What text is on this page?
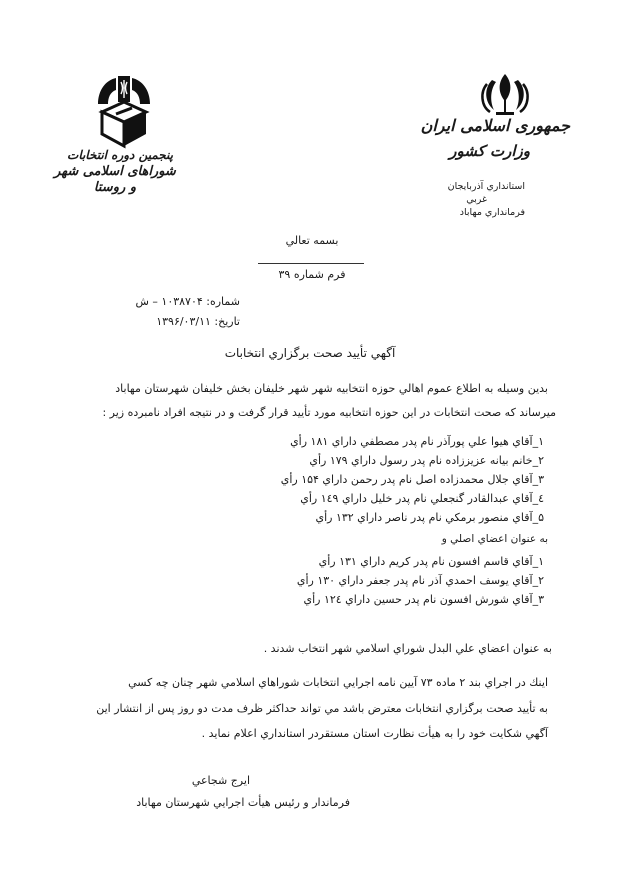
جمهوری اسلامی ایران
وزارت کشور
پنجمین دوره انتخابات
شوراهای اسلامی شهر و روستا	استانداري آذربايجان
غربي
فرمانداري مهاباد
بسمه تعالي
فرم شماره ۳۹
شماره: ۱۰۳۸۷۰۴ – ش
تاریخ: ۱۳۹۶/۰۳/۱۱
آگهي تأييد صحت برگزاري انتخابات
بدين وسيله به اطلاع عموم اهالي حوزه انتخابيه شهر شهر خليفان بخش خليفان شهرستان مهاباد
ميرساند كه صحت انتخابات در اين حوزه انتخابيه مورد تأييد قرار گرفت و در نتيجه افراد نامبرده زير :
۱_آقاي هيوا علي پورآذر نام پدر مصطفي داراي ۱۸۱ رأي
۲_خانم بيانه عزيززاده نام پدر رسول داراي ۱۷۹ رأي
۳_آقاي جلال محمدزاده اصل نام پدر رحمن داراي ۱۵۴ رأي
٤_آقاي عبدالقادر گنجعلي نام پدر خليل داراي ۱٤۹ رأي
۵_آقاي منصور برمكي نام پدر ناصر داراي ۱۳۲ رأي
به عنوان اعضاي اصلي و
۱_آقاي قاسم افسون نام پدر كريم داراي ۱۳۱ رأي
۲_آقاي يوسف احمدي آذر نام پدر جعفر داراي ۱۳۰ رأي
۳_آقاي شورش افسون نام پدر حسين داراي ۱۲٤ رأي
به عنوان اعضاي علي البدل شوراي اسلامي شهر انتخاب شدند .
اينك در اجراي بند ۲ ماده ۷۳ آيين نامه اجرايي انتخابات شوراهاي اسلامي شهر چنان چه كسي
به تأييد صحت برگزاري انتخابات معترض باشد مي تواند حداكثر ظرف مدت دو روز پس از انتشار اين
آگهي شكايت خود را به هيأت نظارت استان مستقردر استانداري اعلام نمايد .
ايرج شجاعي
فرماندار و رئيس هيأت اجرايي شهرستان مهاباد
